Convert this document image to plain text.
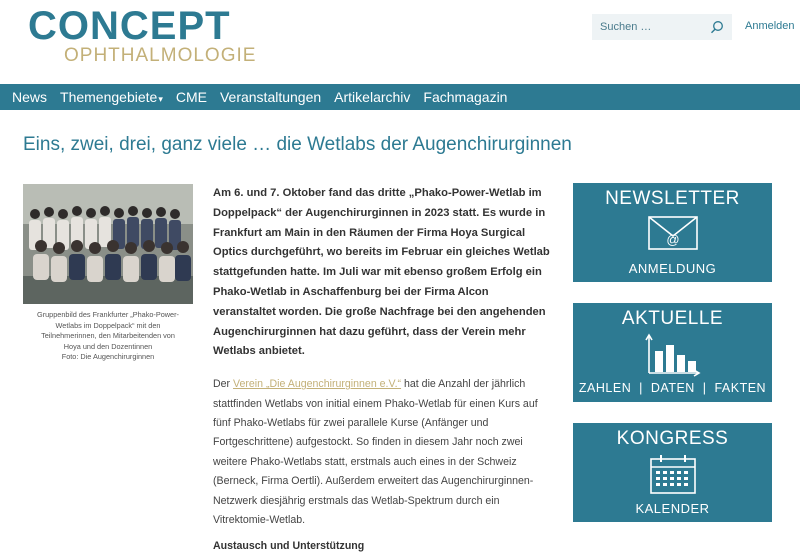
CONCEPT
OPHTHALMOLOGIE
Suchen …
Anmelden
News Themengebiete▾ CME Veranstaltungen Artikelarchiv Fachmagazin
Eins, zwei, drei, ganz viele … die Wetlabs der Augenchirurginnen
Gruppenbild des Frankfurter „Phako-Power-
Wetlabs im Doppelpack“ mit den
Teilnehmerinnen, den Mitarbeitenden von
Hoya und den Dozentinnen
Foto: Die Augenchirurginnen

Am 6. und 7. Oktober fand das dritte „Phako-Power-Wetlab im Doppelpack“ der Augenchirurginnen in 2023 statt. Es wurde in Frankfurt am Main in den Räumen der Firma Hoya Surgical Optics durchgeführt, wo bereits im Februar ein gleiches Wetlab stattgefunden hatte. Im Juli war mit ebenso großem Erfolg ein Phako-Wetlab in Aschaffenburg bei der Firma Alcon veranstaltet worden. Die große Nachfrage bei den angehenden Augenchirurginnen hat dazu geführt, dass der Verein mehr Wetlabs anbietet.

Der Verein „Die Augenchirurginnen e.V.“ hat die Anzahl der jährlich stattfinden Wetlabs von initial einem Phako-Wetlab für einen Kurs auf fünf Phako-Wetlabs für zwei parallele Kurse (Anfänger und Fortgeschrittene) aufgestockt. So finden in diesem Jahr noch zwei weitere Phako-Wetlabs statt, erstmals auch eines in der Schweiz (Berneck, Firma Oertli). Außerdem erweitert das Augenchirurginnen-Netzwerk diesjährig erstmals das Wetlab-Spektrum durch ein Vitrektomie-Wetlab.

Austausch und Unterstützung

NEWSLETTER
@
ANMELDUNG
AKTUELLE
ZAHLEN  |  DATEN  |  FAKTEN
KONGRESS
KALENDER
